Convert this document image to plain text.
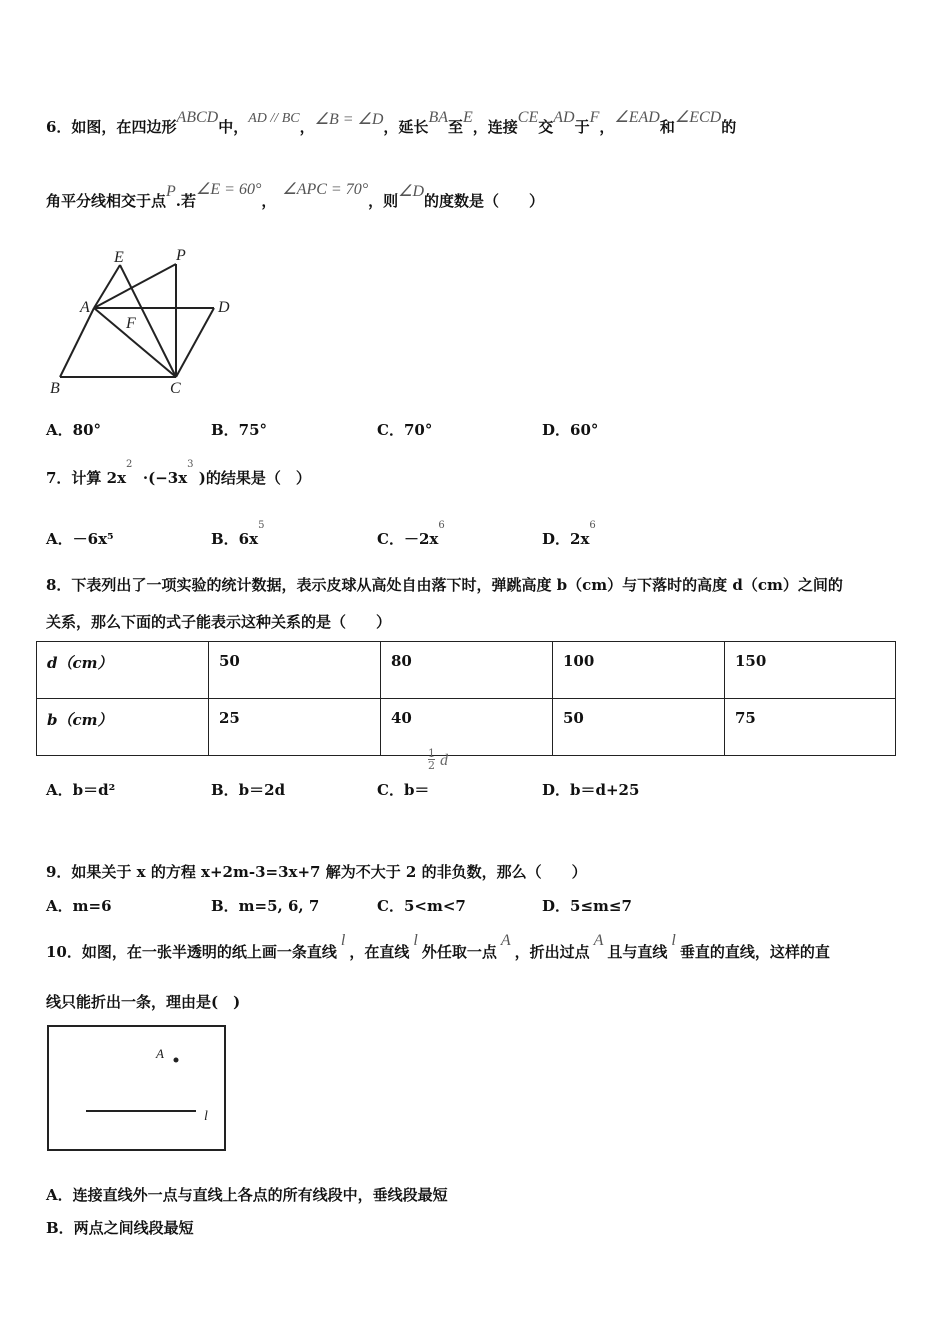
6．如图，在四边形ABCD中，AD // BC，∠B = ∠D，延长BA至E，连接CE交AD于F，∠EAD和∠ECD的
角平分线相交于点P.若∠E = 60°，∠APC = 70°，则∠D的度数是（　　）
E	P
A	D
F
B	C
A．80°	B．75°	C．70°	D．60°
7．计算 $2x^2 \cdot(-3x^3$ )的结果是（　）
A．－6x⁵	B．$6x^5$
C．$-2x^6$
D．$2x^6$
8．下表列出了一项实验的统计数据，表示皮球从高处自由落下时，弹跳高度 b（cm）与下落时的高度 d（cm）之间的
关系，那么下面的式子能表示这种关系的是（　　）
d（cm）	50	80	100	150
b（cm）	25	40	50	75
A．b＝d²	B．b＝2d	C．b＝
$\frac{1}{2}$ d
D．b＝d+25
9．如果关于 x 的方程 x+2m-3=3x+7 解为不大于 2 的非负数，那么（　　）
A．m=6	B．m=5, 6, 7	C．5<m<7	D．5≤m≤7
10．如图，在一张半透明的纸上画一条直线l，在直线l外任取一点A，折出过点A且与直线l垂直的直线，这样的直
线只能折出一条，理由是(　)
A
l
A．连接直线外一点与直线上各点的所有线段中，垂线段最短
B．两点之间线段最短
